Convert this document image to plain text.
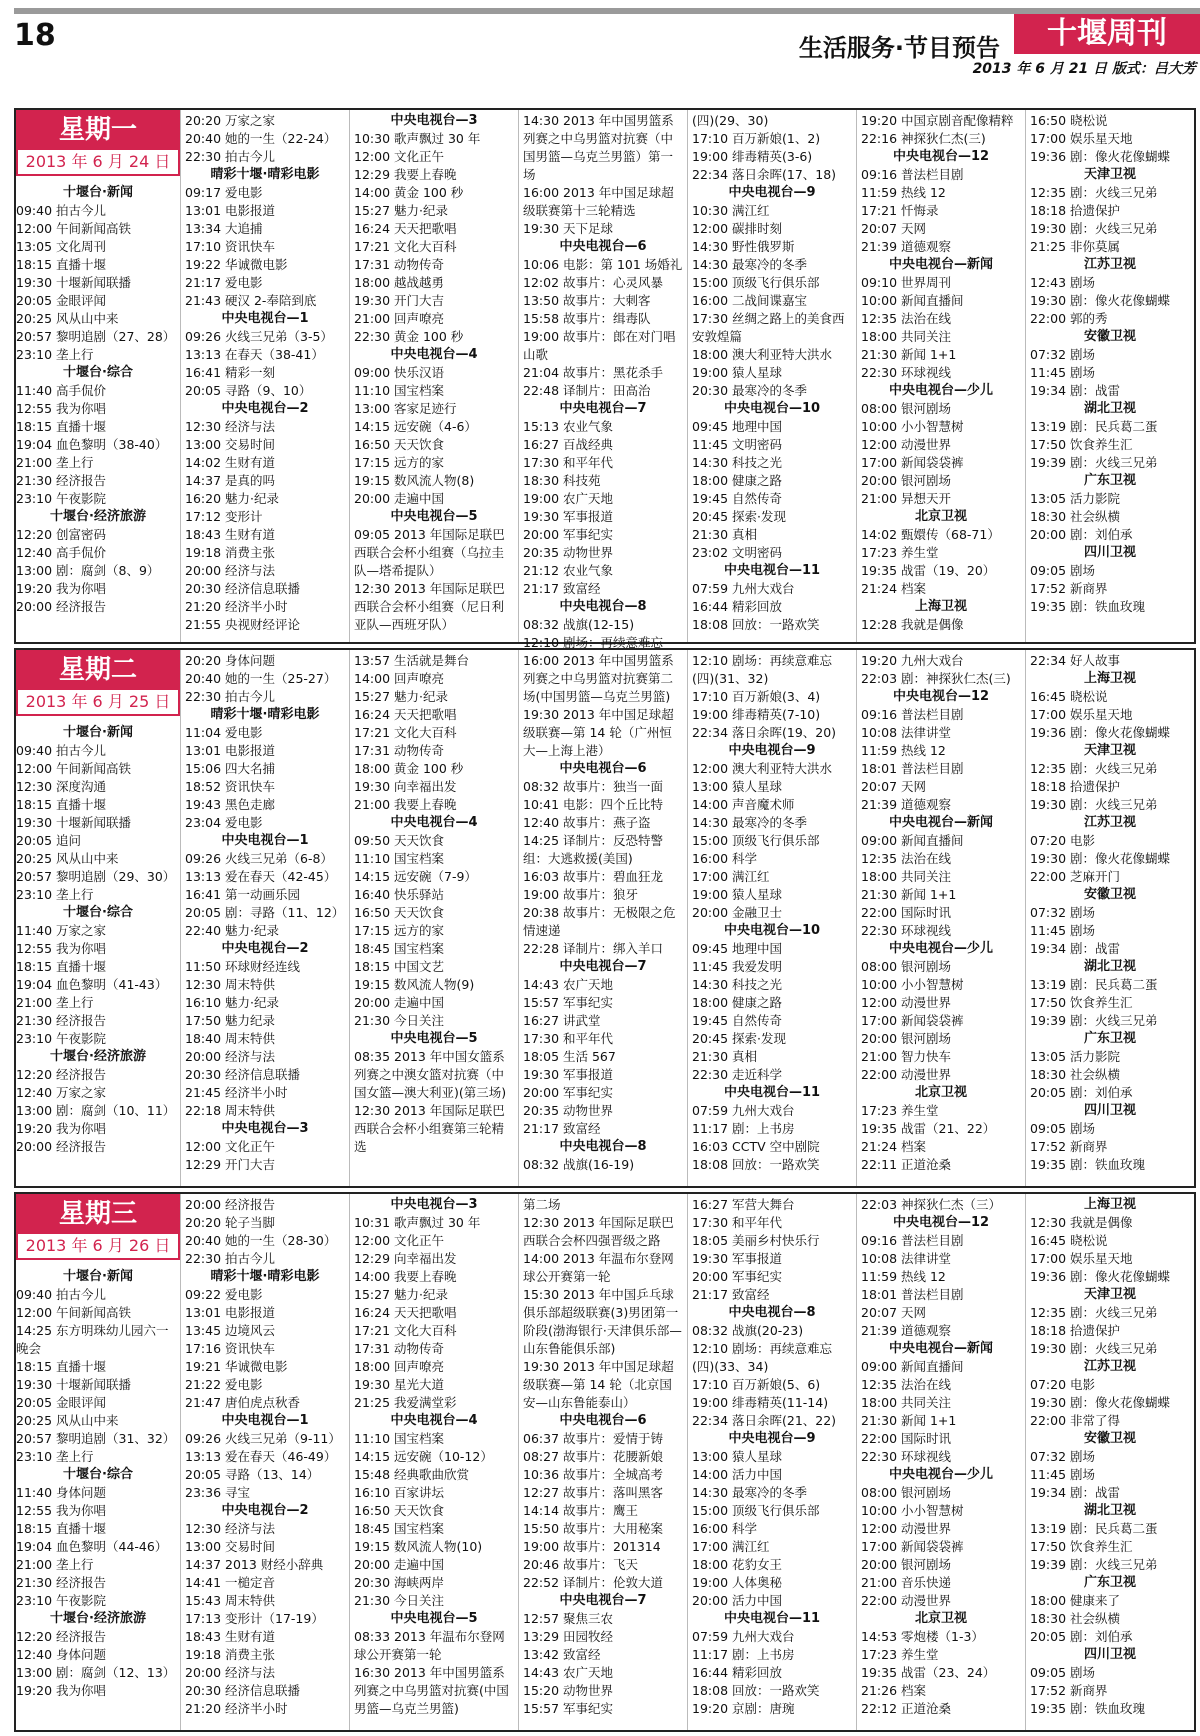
18	生活服务·节目预告	十堰周刊
2013 年 6 月 21 日 版式：吕大芳
星期一
2013 年 6 月 24 日
十堰台·新闻
09:40 拍古今儿
12:00 午间新闻高铁
13:05 文化周刊
18:15 直播十堰
19:30 十堰新闻联播
20:05 金眼评闻
20:25 风从山中来
20:57 黎明追剧（27、28）
23:10 垄上行
十堰台·综合
11:40 高手侃价
12:55 我为你唱
18:15 直播十堰
19:04 血色黎明（38-40）
21:00 垄上行
21:30 经济报告
23:10 午夜影院
十堰台·经济旅游
12:20 创富密码
12:40 高手侃价
13:00 剧：腐剑（8、9）
19:20 我为你唱
20:00 经济报告
20:20 万家之家
20:40 她的一生（22-24）
22:30 拍古今儿
晴彩十堰·晴彩电影
09:17 爱电影
13:01 电影报道
13:34 大追捕
17:10 资讯快车
19:22 华诚微电影
21:17 爱电影
21:43 硬汉 2-奉陪到底
中央电视台—1
09:26 火线三兄弟（3-5）
13:13 在春天（38-41）
16:41 精彩一刻
20:05 寻路（9、10）
中央电视台—2
12:30 经济与法
13:00 交易时间
14:02 生财有道
14:37 是真的吗
16:20 魅力·纪录
17:12 变形计
18:43 生财有道
19:18 消费主张
20:00 经济与法
20:30 经济信息联播
21:20 经济半小时
21:55 央视财经评论
中央电视台—3
10:30 歌声飘过 30 年
12:00 文化正午
12:29 我要上春晚
14:00 黄金 100 秒
15:27 魅力·纪录
16:24 天天把歌唱
17:21 文化大百科
17:31 动物传奇
18:00 越战越勇
19:30 开门大吉
21:00 回声嘹亮
22:30 黄金 100 秒
中央电视台—4
09:00 快乐汉语
11:10 国宝档案
13:00 客家足迹行
14:15 远安碗（4-6）
16:50 天天饮食
17:15 远方的家
19:15 数风流人物(8)
20:00 走遍中国
中央电视台—5
09:05 2013 年国际足联巴西联合会杯小组赛（乌拉圭队—塔希提队）
12:30 2013 年国际足联巴西联合会杯小组赛（尼日利亚队—西班牙队）
14:30 2013 年中国男篮系列赛之中乌男篮对抗赛（中国男篮—乌克兰男篮）第一场
16:00 2013 年中国足球超级联赛第十三轮精选
19:30 天下足球
中央电视台—6
10:06 电影：第 101 场婚礼
12:02 故事片：心灵风暴
13:50 故事片：大刺客
15:58 故事片：缉毒队
19:00 故事片：郎在对门唱山歌
21:04 故事片：黑花杀手
22:48 译制片：田高治
中央电视台—7
15:13 农业气象
16:27 百战经典
17:30 和平年代
18:30 科技苑
19:00 农广天地
19:30 军事报道
20:00 军事纪实
20:35 动物世界
21:12 农业气象
21:17 致富经
中央电视台—8
08:32 战旗(12-15)
12:10 剧场：再续意难忘
(四)(29、30)
17:10 百万新娘(1、2)
19:00 绯毒精英(3-6)
22:34 落日余晖(17、18)
中央电视台—9
10:30 满江红
12:00 碳排时刻
14:30 野性俄罗斯
14:30 最寒冷的冬季
15:00 顶级飞行俱乐部
16:00 二战间谍嘉宝
17:30 丝绸之路上的美食西安敦煌篇
18:00 澳大利亚特大洪水
19:00 猿人星球
20:30 最寒冷的冬季
中央电视台—10
09:45 地理中国
11:45 文明密码
14:30 科技之光
18:00 健康之路
19:45 自然传奇
20:45 探索·发现
21:30 真相
23:02 文明密码
中央电视台—11
07:59 九州大戏台
16:44 精彩回放
18:08 回放：一路欢笑
19:20 中国京剧音配像精粹
22:16 神探狄仁杰(三)
中央电视台—12
09:16 普法栏目剧
11:59 热线 12
17:21 忏悔录
20:07 天网
21:39 道德观察
中央电视台—新闻
09:10 世界周刊
10:00 新闻直播间
12:35 法治在线
18:00 共同关注
21:30 新闻 1+1
22:30 环球视线
中央电视台—少儿
08:00 银河剧场
10:00 小小智慧树
12:00 动漫世界
17:00 新闻袋袋裤
20:00 银河剧场
21:00 异想天开
北京卫视
14:02 甄嬛传（68-71）
17:23 养生堂
19:35 战雷（19、20）
21:24 档案
上海卫视
12:28 我就是偶像
16:50 晓松说
17:00 娱乐星天地
19:36 剧：像火花像蝴蝶
天津卫视
12:35 剧：火线三兄弟
18:18 拾遗保护
19:30 剧：火线三兄弟
21:25 非你莫属
江苏卫视
12:43 剧场
19:30 剧：像火花像蝴蝶
22:00 郭的秀
安徽卫视
07:32 剧场
11:45 剧场
19:34 剧：战雷
湖北卫视
13:19 剧：民兵葛二蛋
17:50 饮食养生汇
19:39 剧：火线三兄弟
广东卫视
13:05 活力影院
18:30 社会纵横
20:00 剧：刘伯承
四川卫视
09:05 剧场
17:52 新商界
19:35 剧：铁血玫瑰
星期二
2013 年 6 月 25 日
十堰台·新闻
09:40 拍古今儿
12:00 午间新闻高铁
12:30 深度沟通
18:15 直播十堰
19:30 十堰新闻联播
20:05 追问
20:25 风从山中来
20:57 黎明追剧（29、30）
23:10 垄上行
十堰台·综合
11:40 万家之家
12:55 我为你唱
18:15 直播十堰
19:04 血色黎明（41-43）
21:00 垄上行
21:30 经济报告
23:10 午夜影院
十堰台·经济旅游
12:20 经济报告
12:40 万家之家
13:00 剧：腐剑（10、11）
19:20 我为你唱
20:00 经济报告
20:20 身体问题
20:40 她的一生（25-27）
22:30 拍古今儿
晴彩十堰·晴彩电影
11:04 爱电影
13:01 电影报道
15:06 四大名捕
18:52 资讯快车
19:43 黑色走廊
23:04 爱电影
中央电视台—1
09:26 火线三兄弟（6-8）
13:13 爱在春天（42-45）
16:41 第一动画乐园
20:05 剧：寻路（11、12）
22:40 魅力·纪录
中央电视台—2
11:50 环球财经连线
12:30 周末特供
16:10 魅力·纪录
17:50 魅力纪录
18:40 周末特供
20:00 经济与法
20:30 经济信息联播
21:45 经济半小时
22:18 周末特供
中央电视台—3
12:00 文化正午
12:29 开门大吉
13:57 生活就是舞台
14:00 回声嘹亮
15:27 魅力·纪录
16:24 天天把歌唱
17:21 文化大百科
17:31 动物传奇
18:00 黄金 100 秒
19:30 向幸福出发
21:00 我要上春晚
中央电视台—4
09:50 天天饮食
11:10 国宝档案
14:15 远安碗（7-9）
16:40 快乐驿站
16:50 天天饮食
17:15 远方的家
18:45 国宝档案
18:15 中国文艺
19:15 数风流人物(9)
20:00 走遍中国
21:30 今日关注
中央电视台—5
08:35 2013 年中国女篮系列赛之中澳女篮对抗赛（中国女篮—澳大利亚)(第三场)
12:30 2013 年国际足联巴西联合会杯小组赛第三轮精选
16:00 2013 年中国男篮系列赛之中乌男篮对抗赛第二场(中国男篮—乌克兰男篮)
19:30 2013 年中国足球超级联赛—第 14 轮（广州恒大—上海上港）
中央电视台—6
08:32 故事片：独当一面
10:41 电影：四个丘比特
12:40 故事片：燕子盗
14:25 译制片：反恐特警组：大逃救援(美国)
16:03 故事片：碧血狂龙
19:00 故事片：狼牙
20:38 故事片：无极限之危情速递
22:28 译制片：绑入羊口
中央电视台—7
14:43 农广天地
15:57 军事纪实
16:27 讲武堂
17:30 和平年代
18:05 生活 567
19:30 军事报道
20:00 军事纪实
20:35 动物世界
21:17 致富经
中央电视台—8
08:32 战旗(16-19)
12:10 剧场：再续意难忘(四)(31、32)
17:10 百万新娘(3、4)
19:00 绯毒精英(7-10)
22:34 落日余晖(19、20)
中央电视台—9
12:00 澳大利亚特大洪水
13:00 猿人星球
14:00 声音魔术师
14:30 最寒冷的冬季
15:00 顶级飞行俱乐部
16:00 科学
17:00 满江红
19:00 猿人星球
20:00 金融卫士
中央电视台—10
09:45 地理中国
11:45 我爱发明
14:30 科技之光
18:00 健康之路
19:45 自然传奇
20:45 探索·发现
21:30 真相
22:30 走近科学
中央电视台—11
07:59 九州大戏台
11:17 剧：上书房
16:03 CCTV 空中剧院
18:08 回放：一路欢笑
19:20 九州大戏台
22:03 剧：神探狄仁杰(三)
中央电视台—12
09:16 普法栏目剧
10:08 法律讲堂
11:59 热线 12
18:01 普法栏目剧
20:07 天网
21:39 道德观察
中央电视台—新闻
09:00 新闻直播间
12:35 法治在线
18:00 共同关注
21:30 新闻 1+1
22:00 国际时讯
22:30 环球视线
中央电视台—少儿
08:00 银河剧场
10:00 小小智慧树
12:00 动漫世界
17:00 新闻袋袋裤
20:00 银河剧场
21:00 智力快车
22:00 动漫世界
北京卫视
17:23 养生堂
19:35 战雷（21、22）
21:24 档案
22:11 正道沧桑
22:34 好人故事
上海卫视
16:45 晓松说
17:00 娱乐星天地
19:36 剧：像火花像蝴蝶
天津卫视
12:35 剧：火线三兄弟
18:18 拾遗保护
19:30 剧：火线三兄弟
江苏卫视
07:20 电影
19:30 剧：像火花像蝴蝶
22:00 芝麻开门
安徽卫视
07:32 剧场
11:45 剧场
19:34 剧：战雷
湖北卫视
13:19 剧：民兵葛二蛋
17:50 饮食养生汇
19:39 剧：火线三兄弟
广东卫视
13:05 活力影院
18:30 社会纵横
20:05 剧：刘伯承
四川卫视
09:05 剧场
17:52 新商界
19:35 剧：铁血玫瑰
星期三
2013 年 6 月 26 日
十堰台·新闻
09:40 拍古今儿
12:00 午间新闻高铁
14:25 东方明珠幼儿园六一晚会
18:15 直播十堰
19:30 十堰新闻联播
20:05 金眼评闻
20:25 风从山中来
20:57 黎明追剧（31、32）
23:10 垄上行
十堰台·综合
11:40 身体问题
12:55 我为你唱
18:15 直播十堰
19:04 血色黎明（44-46）
21:00 垄上行
21:30 经济报告
23:10 午夜影院
十堰台·经济旅游
12:20 经济报告
12:40 身体问题
13:00 剧：腐剑（12、13）
19:20 我为你唱
20:00 经济报告
20:20 轮子当脚
20:40 她的一生（28-30）
22:30 拍古今儿
晴彩十堰·晴彩电影
09:22 爱电影
13:01 电影报道
13:45 边境风云
17:16 资讯快车
19:21 华诚微电影
21:22 爱电影
21:47 唐伯虎点秋香
中央电视台—1
09:26 火线三兄弟（9-11）
13:13 爱在春天（46-49）
20:05 寻路（13、14）
23:36 寻宝
中央电视台—2
12:30 经济与法
13:00 交易时间
14:37 2013 财经小辞典
14:41 一槌定音
15:43 周末特供
17:13 变形计（17-19）
18:43 生财有道
19:18 消费主张
20:00 经济与法
20:30 经济信息联播
21:20 经济半小时
中央电视台—3
10:31 歌声飘过 30 年
12:00 文化正午
12:29 向幸福出发
14:00 我要上春晚
15:27 魅力·纪录
16:24 天天把歌唱
17:21 文化大百科
17:31 动物传奇
18:00 回声嘹亮
19:30 星光大道
21:25 我爱满堂彩
中央电视台—4
11:10 国宝档案
14:15 远安碗（10-12）
15:48 经典歌曲欣赏
16:10 百家讲坛
16:50 天天饮食
18:45 国宝档案
19:15 数风流人物(10)
20:00 走遍中国
20:30 海峡两岸
21:30 今日关注
中央电视台—5
08:33 2013 年温布尔登网球公开赛第一轮
16:30 2013 年中国男篮系列赛之中乌男篮对抗赛(中国男篮—乌克兰男篮)
第二场
12:30 2013 年国际足联巴西联合会杯四强晋级之路
14:00 2013 年温布尔登网球公开赛第一轮
15:30 2013 年中国乒乓球俱乐部超级联赛(3)男团第一阶段(渤海银行·天津俱乐部—山东鲁能俱乐部)
19:30 2013 年中国足球超级联赛—第 14 轮（北京国安—山东鲁能泰山）
中央电视台—6
06:37 故事片：爱情于铸
08:27 故事片：花腰新娘
10:36 故事片：全城高考
12:27 故事片：落叫黑客
14:14 故事片：鹰王
15:50 故事片：大用秘案
19:00 故事片：201314
20:46 故事片：飞天
22:52 译制片：伦敦大道
中央电视台—7
12:57 聚焦三农
13:29 田园牧经
13:42 致富经
14:43 农广天地
15:20 动物世界
15:57 军事纪实
16:27 军营大舞台
17:30 和平年代
18:05 美丽乡村快乐行
19:30 军事报道
20:00 军事纪实
21:17 致富经
中央电视台—8
08:32 战旗(20-23)
12:10 剧场：再续意难忘(四)(33、34)
17:10 百万新娘(5、6)
19:00 绯毒精英(11-14)
22:34 落日余晖(21、22)
中央电视台—9
13:00 猿人星球
14:00 活力中国
14:30 最寒冷的冬季
15:00 顶级飞行俱乐部
16:00 科学
17:00 满江红
18:00 花豹女王
19:00 人体奥秘
20:00 活力中国
中央电视台—11
07:59 九州大戏台
11:17 剧：上书房
16:44 精彩回放
18:08 回放：一路欢笑
19:20 京剧：唐琬
22:03 神探狄仁杰（三）
中央电视台—12
09:16 普法栏目剧
10:08 法律讲堂
11:59 热线 12
18:01 普法栏目剧
20:07 天网
21:39 道德观察
中央电视台—新闻
09:00 新闻直播间
12:35 法治在线
18:00 共同关注
21:30 新闻 1+1
22:00 国际时讯
22:30 环球视线
中央电视台—少儿
08:00 银河剧场
10:00 小小智慧树
12:00 动漫世界
17:00 新闻袋袋裤
20:00 银河剧场
21:00 音乐快递
22:00 动漫世界
北京卫视
14:53 零炮楼（1-3）
17:23 养生堂
19:35 战雷（23、24）
21:26 档案
22:12 正道沧桑
上海卫视
12:30 我就是偶像
16:45 晓松说
17:00 娱乐星天地
19:36 剧：像火花像蝴蝶
天津卫视
12:35 剧：火线三兄弟
18:18 拾遗保护
19:30 剧：火线三兄弟
江苏卫视
07:20 电影
19:30 剧：像火花像蝴蝶
22:00 非常了得
安徽卫视
07:32 剧场
11:45 剧场
19:34 剧：战雷
湖北卫视
13:19 剧：民兵葛二蛋
17:50 饮食养生汇
19:39 剧：火线三兄弟
广东卫视
18:00 健康来了
18:30 社会纵横
20:05 剧：刘伯承
四川卫视
09:05 剧场
17:52 新商界
19:35 剧：铁血玫瑰
